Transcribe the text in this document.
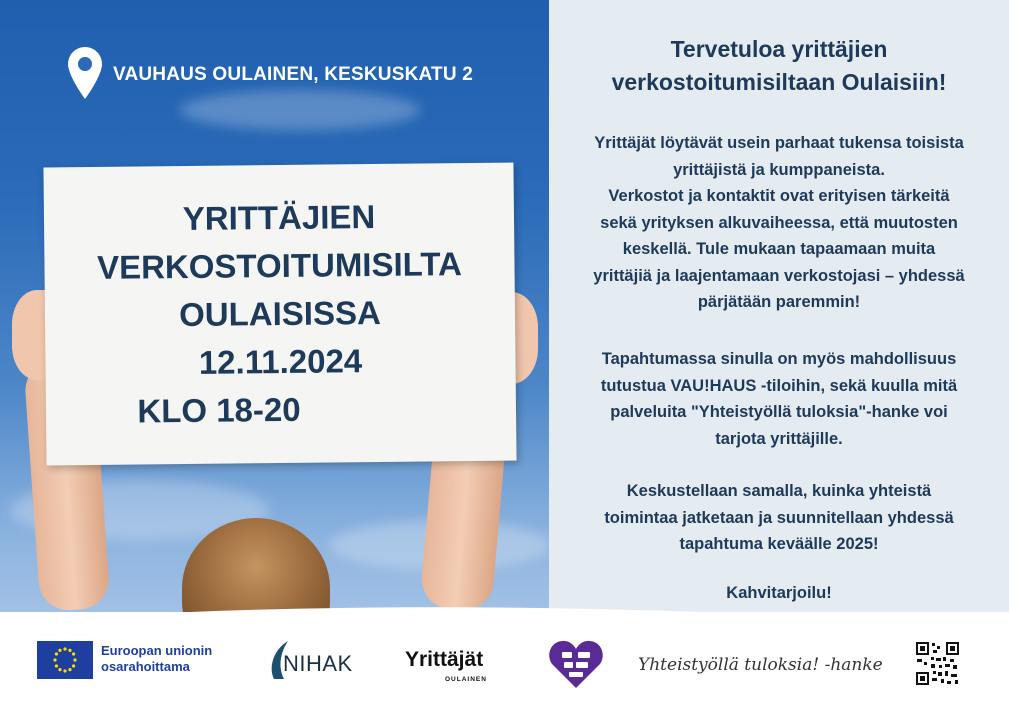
VAUHAUS OULAINEN, KESKUSKATU 2
YRITTÄJIEN
VERKOSTOITUMISILTA
OULAISISSA
12.11.2024
KLO 18-20
Tervetuloa yrittäjien
verkostoitumisiltaan Oulaisiin!
Yrittäjät löytävät usein parhaat tukensa toisista
yrittäjistä ja kumppaneista.
Verkostot ja kontaktit ovat erityisen tärkeitä
sekä yrityksen alkuvaiheessa, että muutosten
keskellä. Tule mukaan tapaamaan muita
yrittäjiä ja laajentamaan verkostojasi – yhdessä
pärjätään paremmin!
Tapahtumassa sinulla on myös mahdollisuus
tutustua VAU!HAUS -tiloihin, sekä kuulla mitä
palveluita "Yhteistyöllä tuloksia"-hanke voi
tarjota yrittäjille.
Keskustellaan samalla, kuinka yhteistä
toimintaa jatketaan ja suunnitellaan yhdessä
tapahtuma keväälle 2025!
Kahvitarjoilu!
Euroopan unionin
osarahoittama	NIHAK Yrittäjät
OULAINEN
Yhteistyöllä tuloksia! -hanke
